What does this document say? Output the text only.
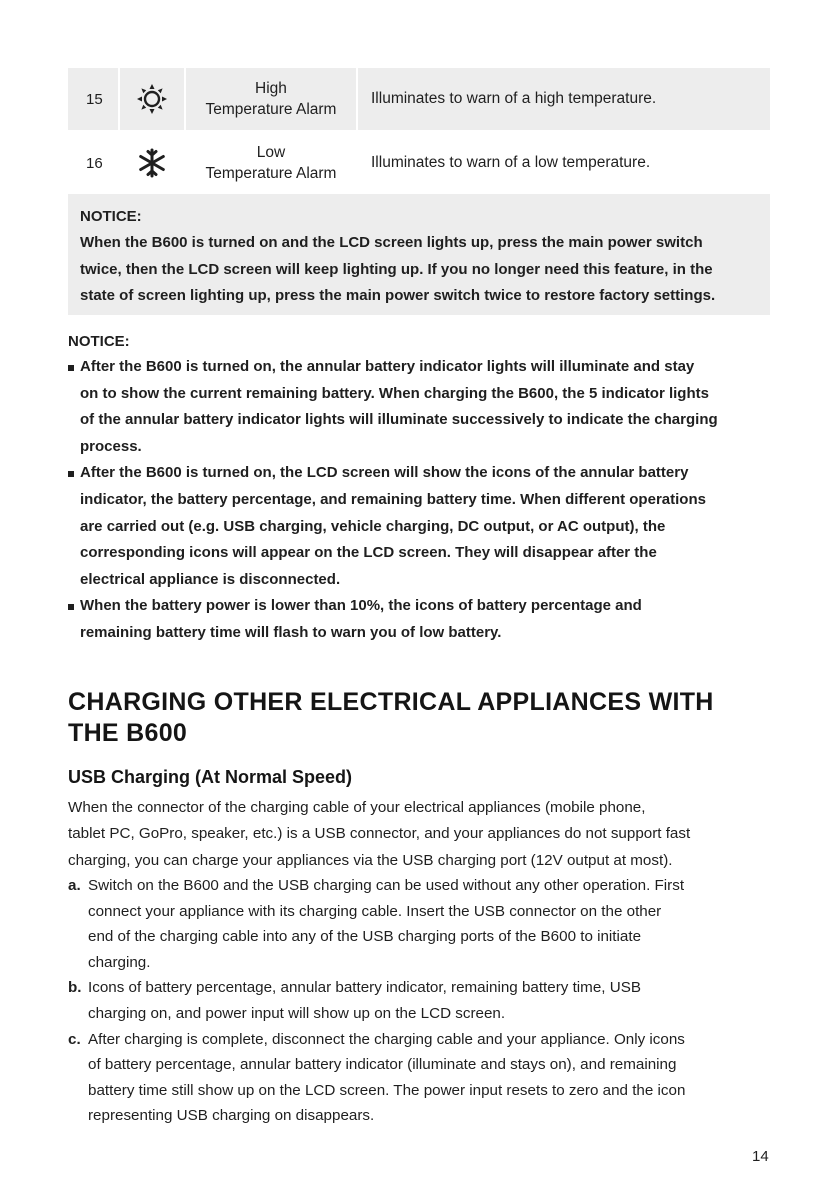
15
High
Temperature Alarm
Illuminates to warn of a high temperature.
16
Low
Temperature Alarm
Illuminates to warn of a low temperature.
NOTICE:
When the B600 is turned on and the LCD screen lights up, press the main power switch
twice, then the LCD screen will keep lighting up. If you no longer need this feature, in the
state of screen lighting up, press the main power switch twice to restore factory settings.
NOTICE:
After the B600 is turned on, the annular battery indicator lights will illuminate and stay
on to show the current remaining battery. When charging the B600, the 5 indicator lights
of the annular battery indicator lights will illuminate successively to indicate the charging
process.
After the B600 is turned on, the LCD screen will show the icons of the annular battery
indicator, the battery percentage, and remaining battery time. When different operations
are carried out (e.g. USB charging, vehicle charging, DC output, or AC output), the
corresponding icons will appear on the LCD screen. They will disappear after the
electrical appliance is disconnected.
When the battery power is lower than 10%, the icons of battery percentage and
remaining battery time will flash to warn you of low battery.
CHARGING OTHER ELECTRICAL APPLIANCES WITH
THE B600
USB Charging (At Normal Speed)
When the connector of the charging cable of your electrical appliances (mobile phone,
tablet PC, GoPro, speaker, etc.) is a USB connector, and your appliances do not support fast
charging, you can charge your appliances via the USB charging port (12V output at most).
a. Switch on the B600 and the USB charging can be used without any other operation. First
connect your appliance with its charging cable. Insert the USB connector on the other
end of the charging cable into any of the USB charging ports of the B600 to initiate
charging.
b. Icons of battery percentage, annular battery indicator, remaining battery time, USB
charging on, and power input will show up on the LCD screen.
c. After charging is complete, disconnect the charging cable and your appliance. Only icons
of battery percentage, annular battery indicator (illuminate and stays on), and remaining
battery time still show up on the LCD screen. The power input resets to zero and the icon
representing USB charging on disappears.
14
